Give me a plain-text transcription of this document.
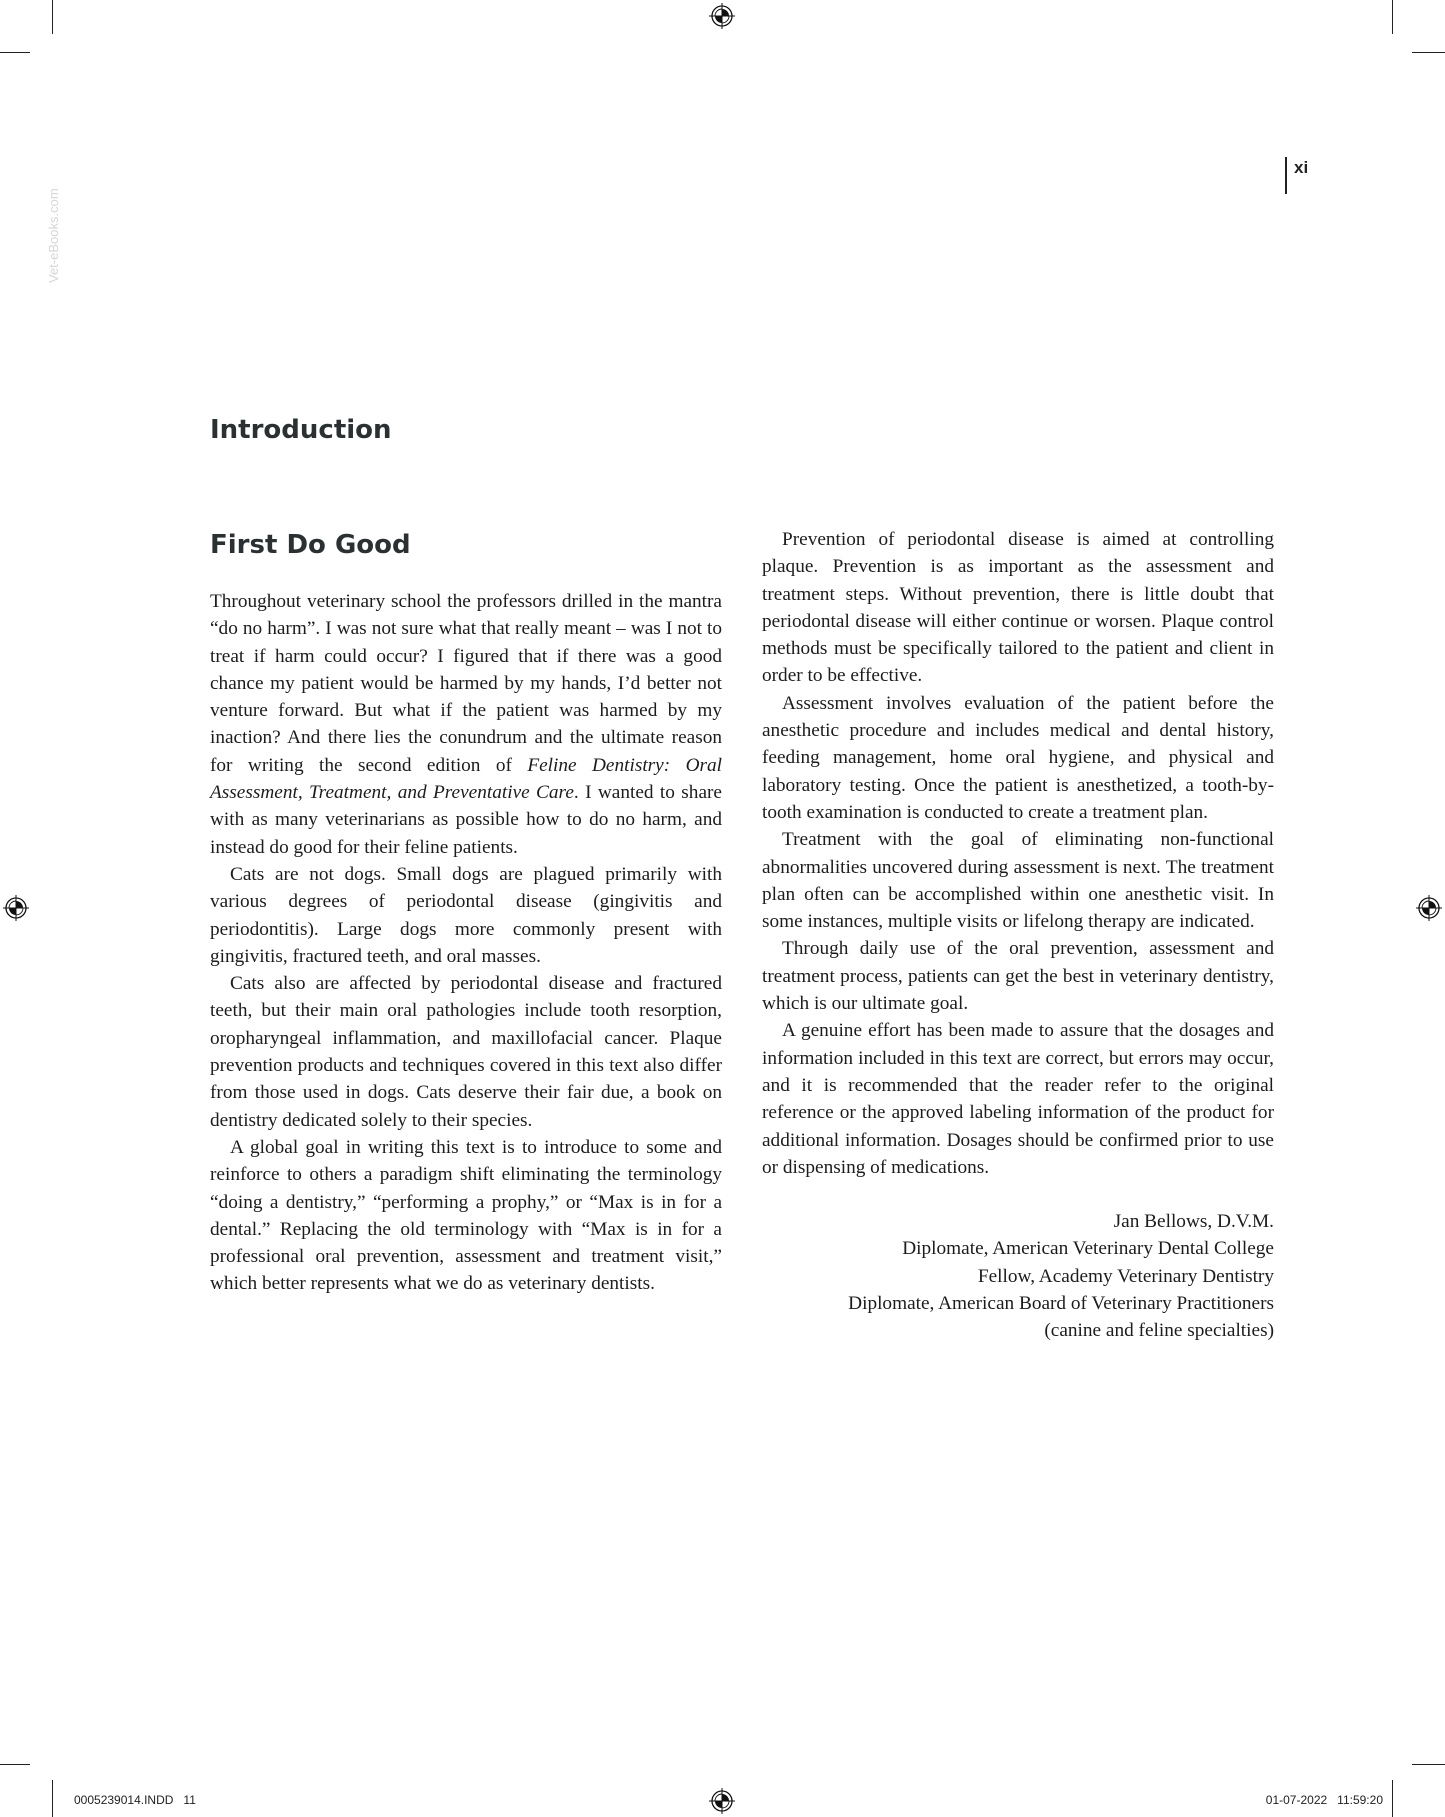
Vet-eBooks.com
xi
Introduction
First Do Good

Throughout veterinary school the professors drilled in the mantra “do no harm”. I was not sure what that really meant – was I not to treat if harm could occur? I figured that if there was a good chance my patient would be harmed by my hands, I’d better not venture forward. But what if the patient was harmed by my inaction? And there lies the conundrum and the ultimate reason for writing the second edition of Feline Dentistry: Oral Assessment, Treatment, and Preventative Care. I wanted to share with as many veterinarians as possible how to do no harm, and instead do good for their feline patients.

Cats are not dogs. Small dogs are plagued primarily with various degrees of periodontal disease (gingivitis and periodontitis). Large dogs more commonly present with gingivitis, fractured teeth, and oral masses.

Cats also are affected by periodontal disease and fractured teeth, but their main oral pathologies include tooth resorption, oropharyngeal inflammation, and maxillofacial cancer. Plaque prevention products and techniques covered in this text also differ from those used in dogs. Cats deserve their fair due, a book on dentistry dedicated solely to their species.

A global goal in writing this text is to introduce to some and reinforce to others a paradigm shift eliminating the terminology “doing a dentistry,” “performing a prophy,” or “Max is in for a dental.” Replacing the old terminology with “Max is in for a professional oral prevention, assessment and treatment visit,” which better represents what we do as veterinary dentists.

Prevention of periodontal disease is aimed at controlling plaque. Prevention is as important as the assessment and treatment steps. Without prevention, there is little doubt that periodontal disease will either continue or worsen. Plaque control methods must be specifically tailored to the patient and client in order to be effective.

Assessment involves evaluation of the patient before the anesthetic procedure and includes medical and dental history, feeding management, home oral hygiene, and physical and laboratory testing. Once the patient is anesthetized, a tooth-by-tooth examination is conducted to create a treatment plan.

Treatment with the goal of eliminating non-functional abnormalities uncovered during assessment is next. The treatment plan often can be accomplished within one anesthetic visit. In some instances, multiple visits or lifelong therapy are indicated.

Through daily use of the oral prevention, assessment and treatment process, patients can get the best in veterinary dentistry, which is our ultimate goal.

A genuine effort has been made to assure that the dosages and information included in this text are correct, but errors may occur, and it is recommended that the reader refer to the original reference or the approved labeling information of the product for additional information. Dosages should be confirmed prior to use or dispensing of medications.

Jan Bellows, D.V.M.
Diplomate, American Veterinary Dental College
Fellow, Academy Veterinary Dentistry
Diplomate, American Board of Veterinary Practitioners
(canine and feline specialties)
0005239014.INDD   11	01-07-2022   11:59:20
